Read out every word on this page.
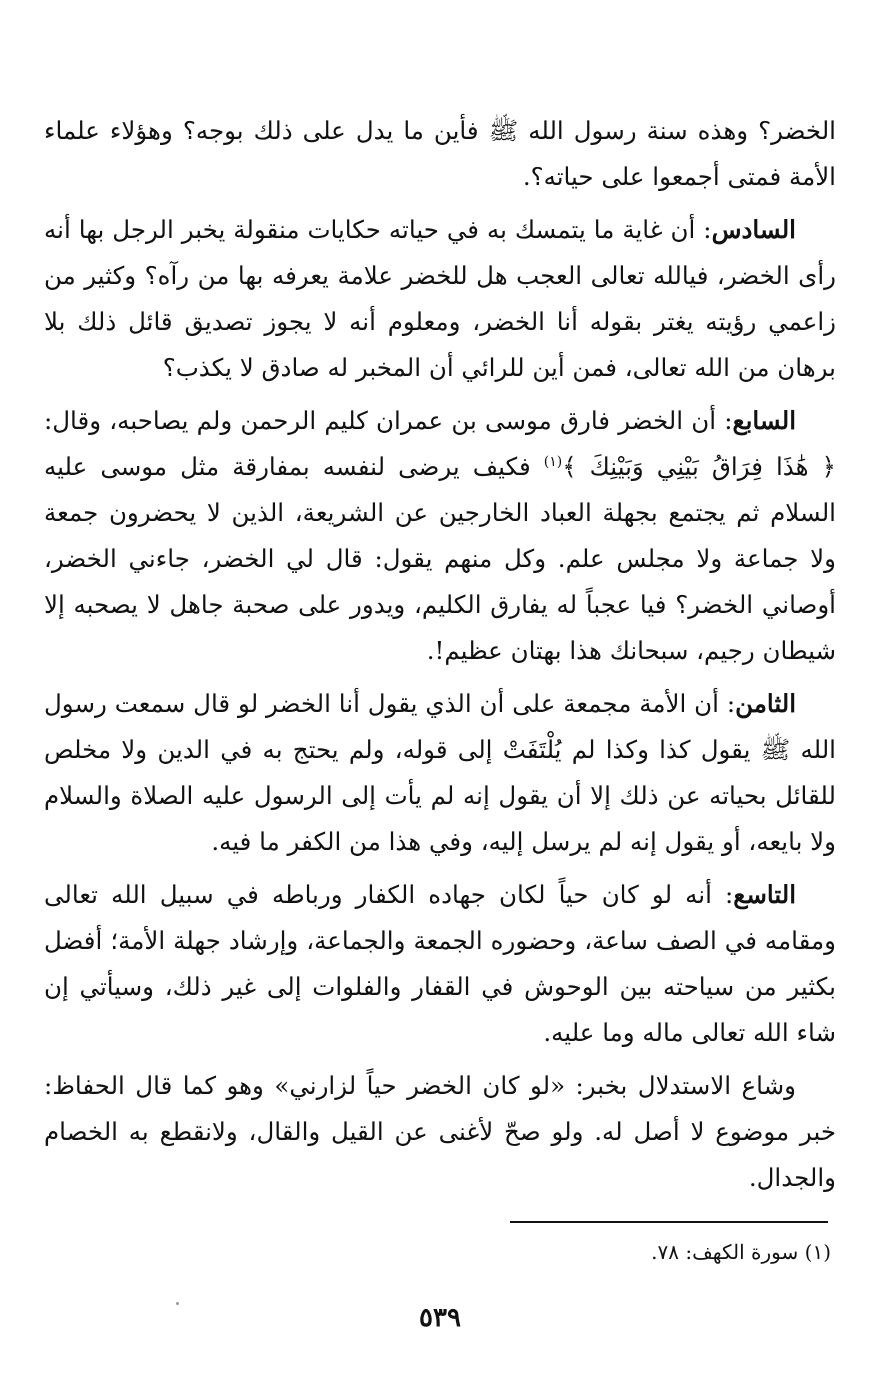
الخضر؟ وهذه سنة رسول الله ﷺ فأين ما يدل على ذلك بوجه؟ وهؤلاء علماء الأمة فمتى أجمعوا على حياته؟.

السادس: أن غاية ما يتمسك به في حياته حكايات منقولة يخبر الرجل بها أنه رأى الخضر، فيالله تعالى العجب هل للخضر علامة يعرفه بها من رآه؟ وكثير من زاعمي رؤيته يغتر بقوله أنا الخضر، ومعلوم أنه لا يجوز تصديق قائل ذلك بلا برهان من الله تعالى، فمن أين للرائي أن المخبر له صادق لا يكذب؟

السابع: أن الخضر فارق موسى بن عمران كليم الرحمن ولم يصاحبه، وقال: ﴿ هَٰذَا فِرَاقُ بَيْنِي وَبَيْنِكَ ﴾$^{(١)}$ فكيف يرضى لنفسه بمفارقة مثل موسى عليه السلام ثم يجتمع بجهلة العباد الخارجين عن الشريعة، الذين لا يحضرون جمعة ولا جماعة ولا مجلس علم. وكل منهم يقول: قال لي الخضر، جاءني الخضر، أوصاني الخضر؟ فيا عجباً له يفارق الكليم، ويدور على صحبة جاهل لا يصحبه إلا شيطان رجيم، سبحانك هذا بهتان عظيم!.

الثامن: أن الأمة مجمعة على أن الذي يقول أنا الخضر لو قال سمعت رسول الله ﷺ يقول كذا وكذا لم يُلْتَفَتْ إلى قوله، ولم يحتج به في الدين ولا مخلص للقائل بحياته عن ذلك إلا أن يقول إنه لم يأت إلى الرسول عليه الصلاة والسلام ولا بايعه، أو يقول إنه لم يرسل إليه، وفي هذا من الكفر ما فيه.

التاسع: أنه لو كان حياً لكان جهاده الكفار ورباطه في سبيل الله تعالى ومقامه في الصف ساعة، وحضوره الجمعة والجماعة، وإرشاد جهلة الأمة؛ أفضل بكثير من سياحته بين الوحوش في القفار والفلوات إلى غير ذلك، وسيأتي إن شاء الله تعالى ماله وما عليه.

وشاع الاستدلال بخبر: «لو كان الخضر حياً لزارني» وهو كما قال الحفاظ: خبر موضوع لا أصل له. ولو صحّ لأغنى عن القيل والقال، ولانقطع به الخصام والجدال.

(١) سورة الكهف: ٧٨.
٥٣٩
